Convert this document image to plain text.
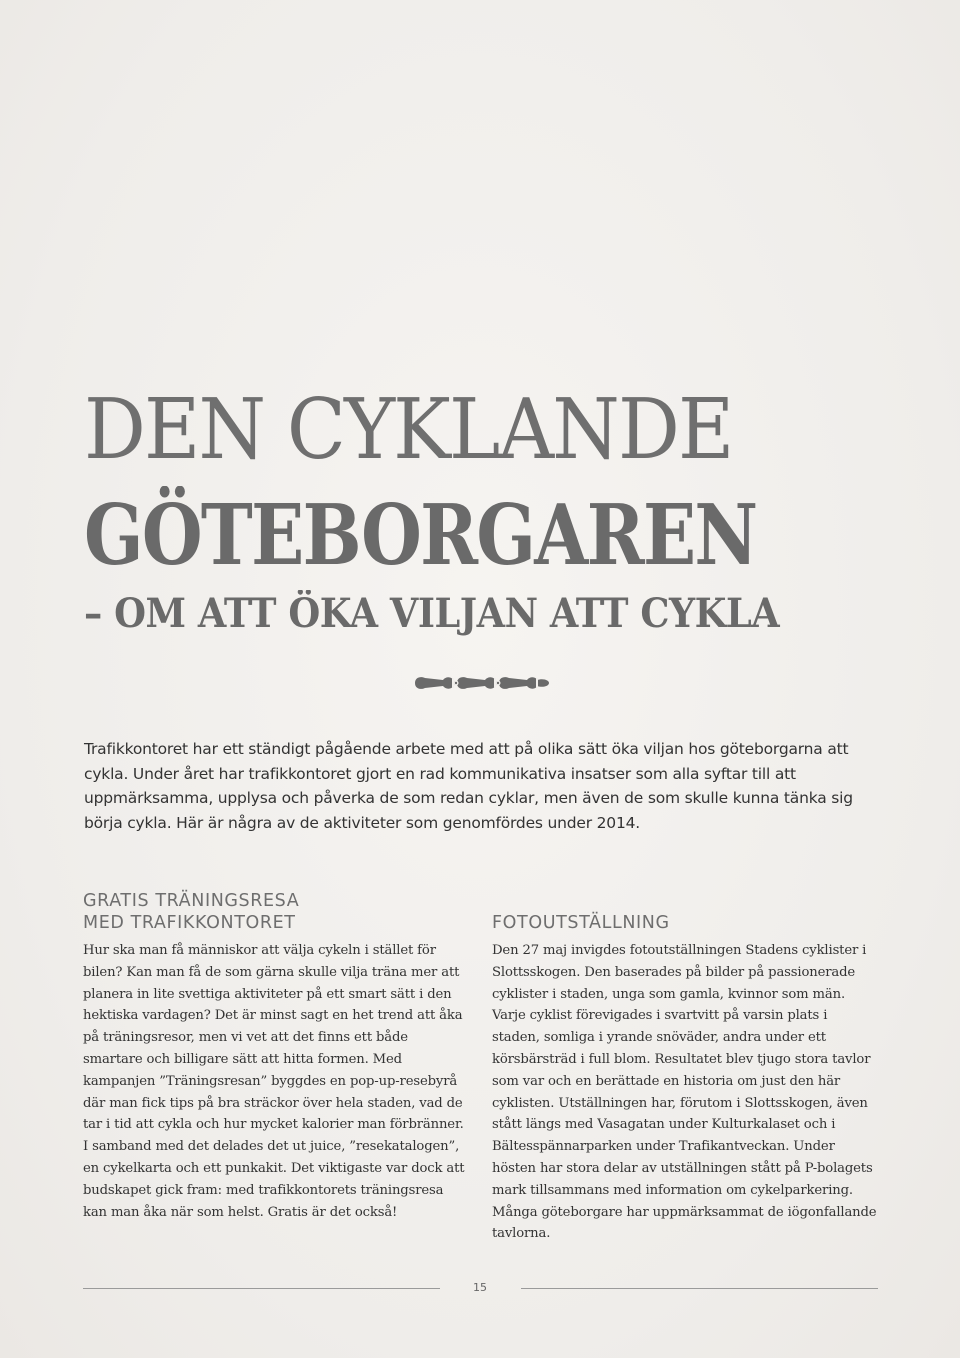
DEN CYKLANDE
GÖTEBORGAREN
– OM ATT ÖKA VILJAN ATT CYKLA
Trafikkontoret har ett ständigt pågående arbete med att på olika sätt öka viljan hos göteborgarna att cykla. Under året har trafikkontoret gjort en rad kommunikativa insatser som alla syftar till att uppmärksamma, upplysa och påverka de som redan cyklar, men även de som skulle kunna tänka sig börja cykla. Här är några av de aktiviteter som genomfördes under 2014.
GRATIS TRÄNINGSRESA
MED TRAFIKKONTORET
Hur ska man få människor att välja cykeln i stället för bilen? Kan man få de som gärna skulle vilja träna mer att planera in lite svettiga aktiviteter på ett smart sätt i den hektiska vardagen? Det är minst sagt en het trend att åka på träningsresor, men vi vet att det finns ett både smartare och billigare sätt att hitta formen. Med kampanjen ”Träningsresan” byggdes en pop-up-resebyrå där man fick tips på bra sträckor över hela staden, vad de tar i tid att cykla och hur mycket kalorier man förbränner. I samband med det delades det ut juice, ”resekatalogen”, en cykelkarta och ett punkakit. Det viktigaste var dock att budskapet gick fram: med trafikkontorets träningsresa kan man åka när som helst. Gratis är det också!
FOTOUTSTÄLLNING
Den 27 maj invigdes fotoutställningen Stadens cyklister i Slottsskogen. Den baserades på bilder på passionerade cyklister i staden, unga som gamla, kvinnor som män. Varje cyklist förevigades i svartvitt på varsin plats i staden, somliga i yrande snöväder, andra under ett körsbärsträd i full blom. Resultatet blev tjugo stora tavlor som var och en berättade en historia om just den här cyklisten. Utställningen har, förutom i Slottsskogen, även stått längs med Vasagatan under Kulturkalaset och i Bältesspännarparken under Trafikantveckan. Under hösten har stora delar av utställningen stått på P-bolagets mark tillsammans med information om cykelparkering. Många göteborgare har uppmärksammat de iögonfallande tavlorna.
15
